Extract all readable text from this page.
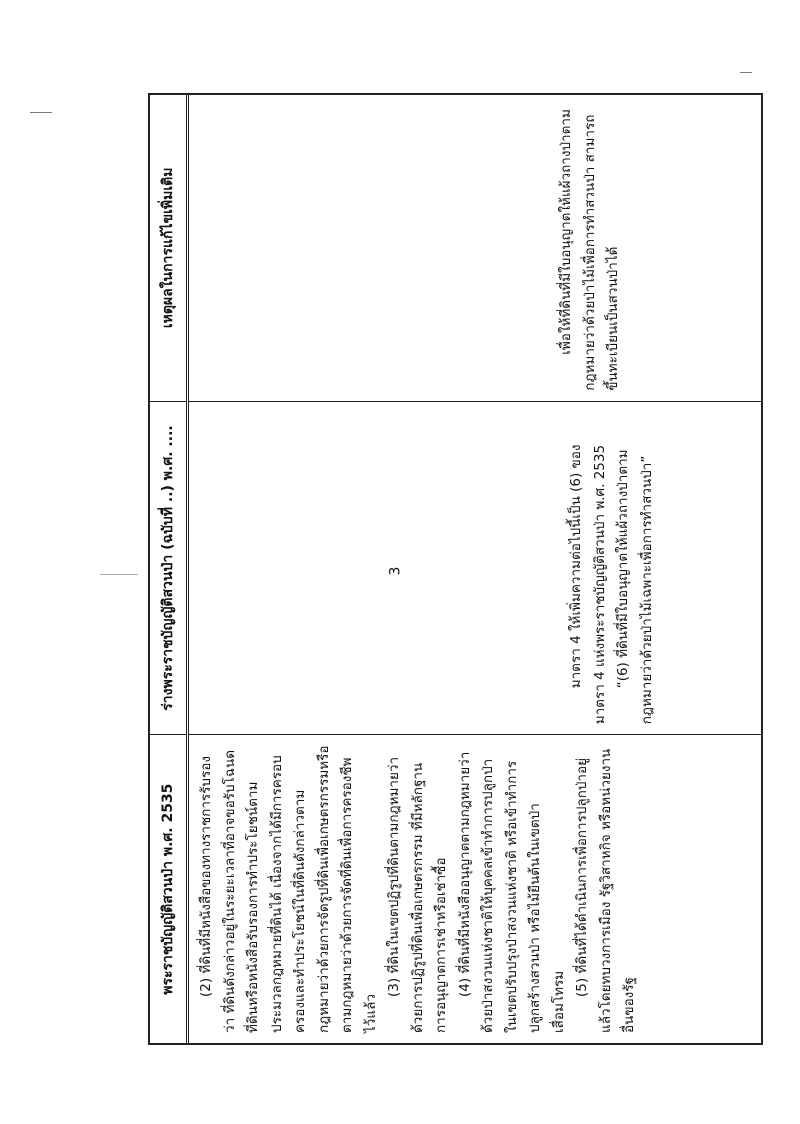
3
พระราชบัญญัติสวนป่า พ.ศ. 2535
ร่างพระราชบัญญัติสวนป่า (ฉบับที่ ..) พ.ศ. ....
เหตุผลในการแก้ไขเพิ่มเติม

(2) ที่ดินที่มีหนังสือของทางราชการรับรองว่า ที่ดินดังกล่าวอยู่ในระยะเวลาที่อาจขอรับโฉนดที่ดินหรือหนังสือรับรองการทำประโยชน์ตามประมวลกฎหมายที่ดินได้ เนื่องจากได้มีการครอบครองและทำประโยชน์ในที่ดินดังกล่าวตามกฎหมายว่าด้วยการจัดรูปที่ดินเพื่อเกษตรกรรมหรือตามกฎหมายว่าด้วยการจัดที่ดินเพื่อการครองชีพไว้แล้ว

(3) ที่ดินในเขตปฏิรูปที่ดินตามกฎหมายว่าด้วยการปฏิรูปที่ดินเพื่อเกษตรกรรม ที่มีหลักฐานการอนุญาตการเช่าหรือเช่าซื้อ (4) ที่ดินที่มีหนังสืออนุญาตตามกฎหมายว่าด้วยป่าสงวนแห่งชาติให้บุคคลเข้าทำการปลูกป่าในเขตปรับปรุงป่าสงวนแห่งชาติ หรือเข้าทำการปลูกสร้างสวนป่า หรือไม้ยืนต้นในเขตป่าเสื่อมโทรม

(5) ที่ดินที่ได้ดำเนินการเพื่อการปลูกป่าอยู่แล้วโดยทบวงการเมือง รัฐวิสาหกิจ หรือหน่วยงานอื่นของรัฐ

มาตรา 4 ให้เพิ่มความต่อไปนี้เป็น (6) ของมาตรา 4 แห่งพระราชบัญญัติสวนป่า พ.ศ. 2535 “(6) ที่ดินที่มีใบอนุญาตให้แผ้วถางป่าตามกฎหมายว่าด้วยป่าไม้เฉพาะเพื่อการทำสวนป่า”

เพื่อให้ที่ดินที่มีใบอนุญาตให้แผ้วถางป่าตามกฎหมายว่าด้วยป่าไม้เพื่อการทำสวนป่า สามารถขึ้นทะเบียนเป็นสวนป่าได้
